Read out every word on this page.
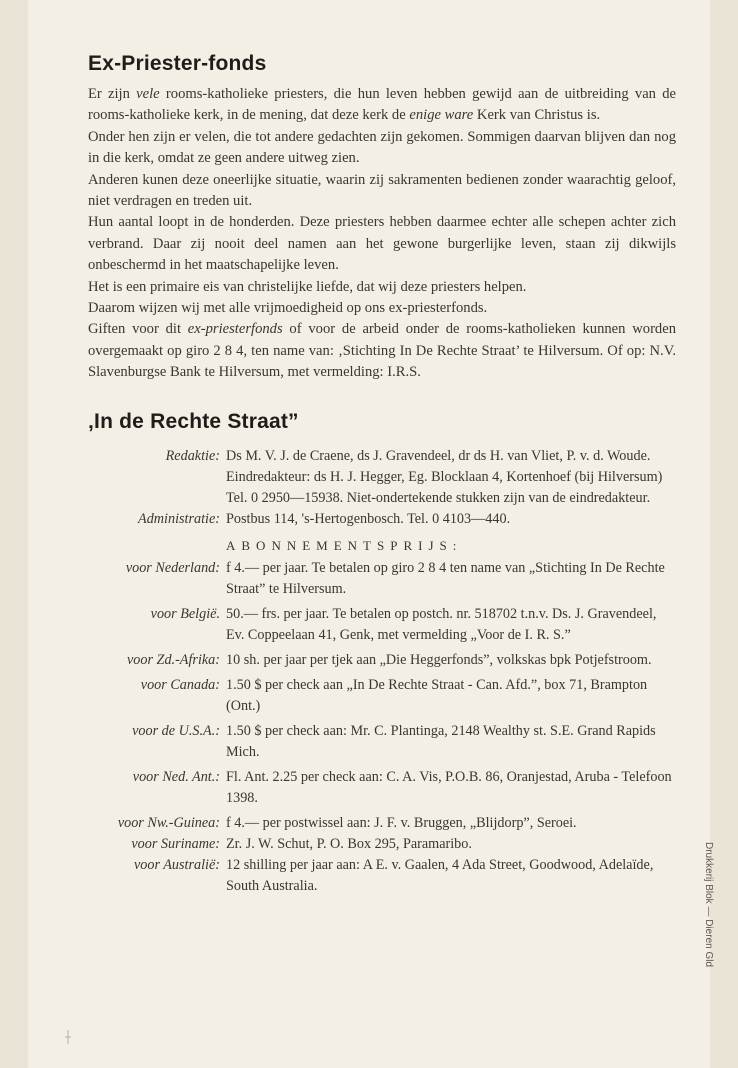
Ex-Priester-fonds

Er zijn vele rooms-katholieke priesters, die hun leven hebben gewijd aan de uitbreiding van de rooms-katholieke kerk, in de mening, dat deze kerk de enige ware Kerk van Christus is.

Onder hen zijn er velen, die tot andere gedachten zijn gekomen. Sommigen daarvan blijven dan nog in die kerk, omdat ze geen andere uitweg zien.

Anderen kunen deze oneerlijke situatie, waarin zij sakramenten bedienen zonder waarachtig geloof, niet verdragen en treden uit.

Hun aantal loopt in de honderden. Deze priesters hebben daarmee echter alle schepen achter zich verbrand. Daar zij nooit deel namen aan het gewone burgerlijke leven, staan zij dikwijls onbeschermd in het maatschapelijke leven.

Het is een primaire eis van christelijke liefde, dat wij deze priesters helpen.

Daarom wijzen wij met alle vrijmoedigheid op ons ex-priesterfonds.

Giften voor dit ex-priesterfonds of voor de arbeid onder de rooms-katholieken kunnen worden overgemaakt op giro 2 8 4, ten name van: ‚Stichting In De Rechte Straat’ te Hilversum. Of op: N.V. Slavenburgse Bank te Hilversum, met vermelding: I.R.S.

‚In de Rechte Straat”
Redaktie: Ds M. V. J. de Craene, ds J. Gravendeel, dr ds H. van Vliet, P. v. d. Woude. Eindredakteur: ds H. J. Hegger, Eg. Blocklaan 4, Kortenhoef (bij Hilversum) Tel. 0 2950—15938. Niet-ondertekende stukken zijn van de eindredakteur.
Administratie: Postbus 114, 's-Hertogenbosch. Tel. 0 4103—440.
ABONNEMENTSPRIJS:
voor Nederland: f 4.— per jaar. Te betalen op giro 2 8 4 ten name van „Stichting In De Rechte Straat” te Hilversum.
voor België. 50.— frs. per jaar. Te betalen op postch. nr. 518702 t.n.v. Ds. J. Gravendeel, Ev. Coppeelaan 41, Genk, met vermelding „Voor de I. R. S.”
voor Zd.-Afrika: 10 sh. per jaar per tjek aan „Die Heggerfonds”, volkskas bpk Potjefstroom.
voor Canada: 1.50 $ per check aan „In De Rechte Straat - Can. Afd.”, box 71, Brampton (Ont.)
voor de U.S.A.: 1.50 $ per check aan: Mr. C. Plantinga, 2148 Wealthy st. S.E. Grand Rapids Mich.
voor Ned. Ant.: Fl. Ant. 2.25 per check aan: C. A. Vis, P.O.B. 86, Oranjestad, Aruba - Telefoon 1398.
voor Nw.-Guinea: f 4.— per postwissel aan: J. F. v. Bruggen, „Blijdorp”, Seroei.
voor Suriname: Zr. J. W. Schut, P. O. Box 295, Paramaribo.
voor Australië: 12 shilling per jaar aan: A E. v. Gaalen, 4 Ada Street, Goodwood, Adelaïde, South Australia.	Drukkerij Blok — Dieren Gld
